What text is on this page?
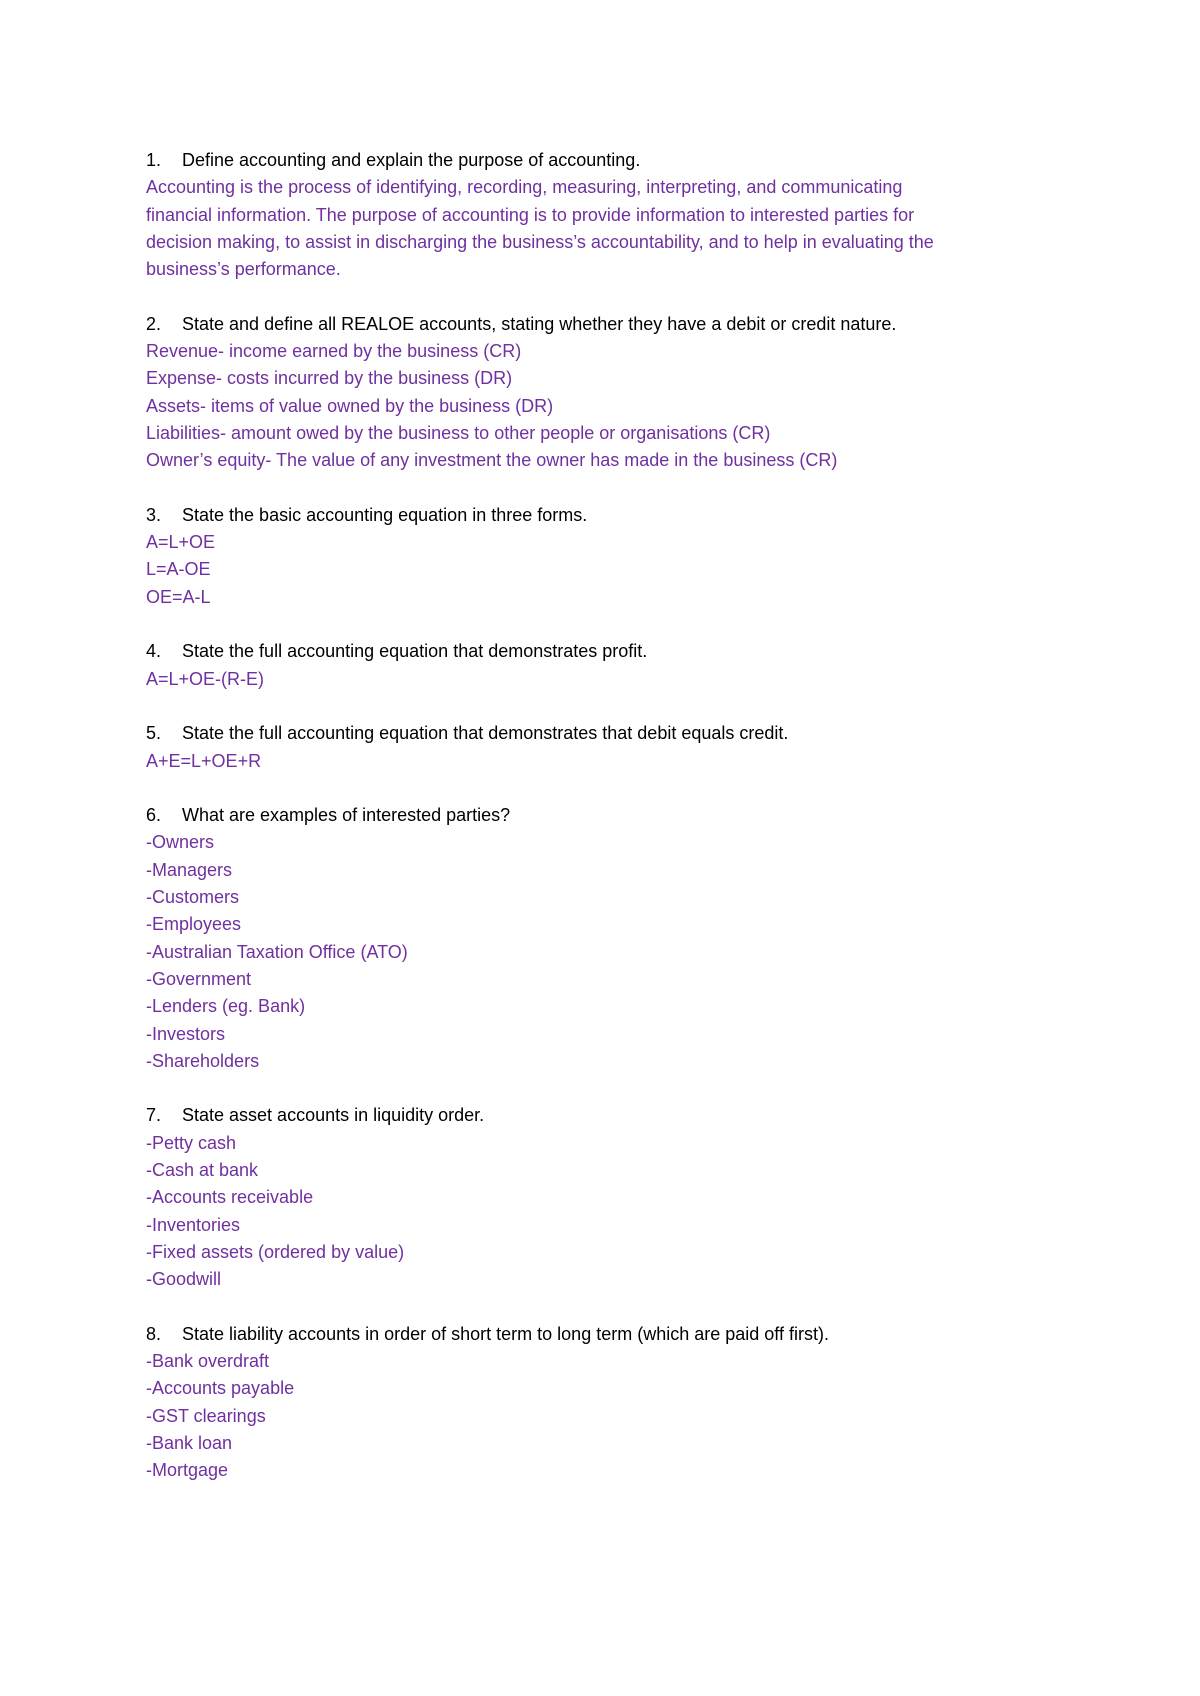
1. Define accounting and explain the purpose of accounting.
Accounting is the process of identifying, recording, measuring, interpreting, and communicating
financial information. The purpose of accounting is to provide information to interested parties for
decision making, to assist in discharging the business’s accountability, and to help in evaluating the
business’s performance.
2. State and define all REALOE accounts, stating whether they have a debit or credit nature.
Revenue- income earned by the business (CR)
Expense- costs incurred by the business (DR)
Assets- items of value owned by the business (DR)
Liabilities- amount owed by the business to other people or organisations (CR)
Owner’s equity- The value of any investment the owner has made in the business (CR)
3. State the basic accounting equation in three forms.
A=L+OE
L=A-OE
OE=A-L
4. State the full accounting equation that demonstrates profit.
A=L+OE-(R-E)
5. State the full accounting equation that demonstrates that debit equals credit.
A+E=L+OE+R
6. What are examples of interested parties?
-Owners
-Managers
-Customers
-Employees
-Australian Taxation Office (ATO)
-Government
-Lenders (eg. Bank)
-Investors
-Shareholders
7. State asset accounts in liquidity order.
-Petty cash
-Cash at bank
-Accounts receivable
-Inventories
-Fixed assets (ordered by value)
-Goodwill
8. State liability accounts in order of short term to long term (which are paid off first).
-Bank overdraft
-Accounts payable
-GST clearings
-Bank loan
-Mortgage
